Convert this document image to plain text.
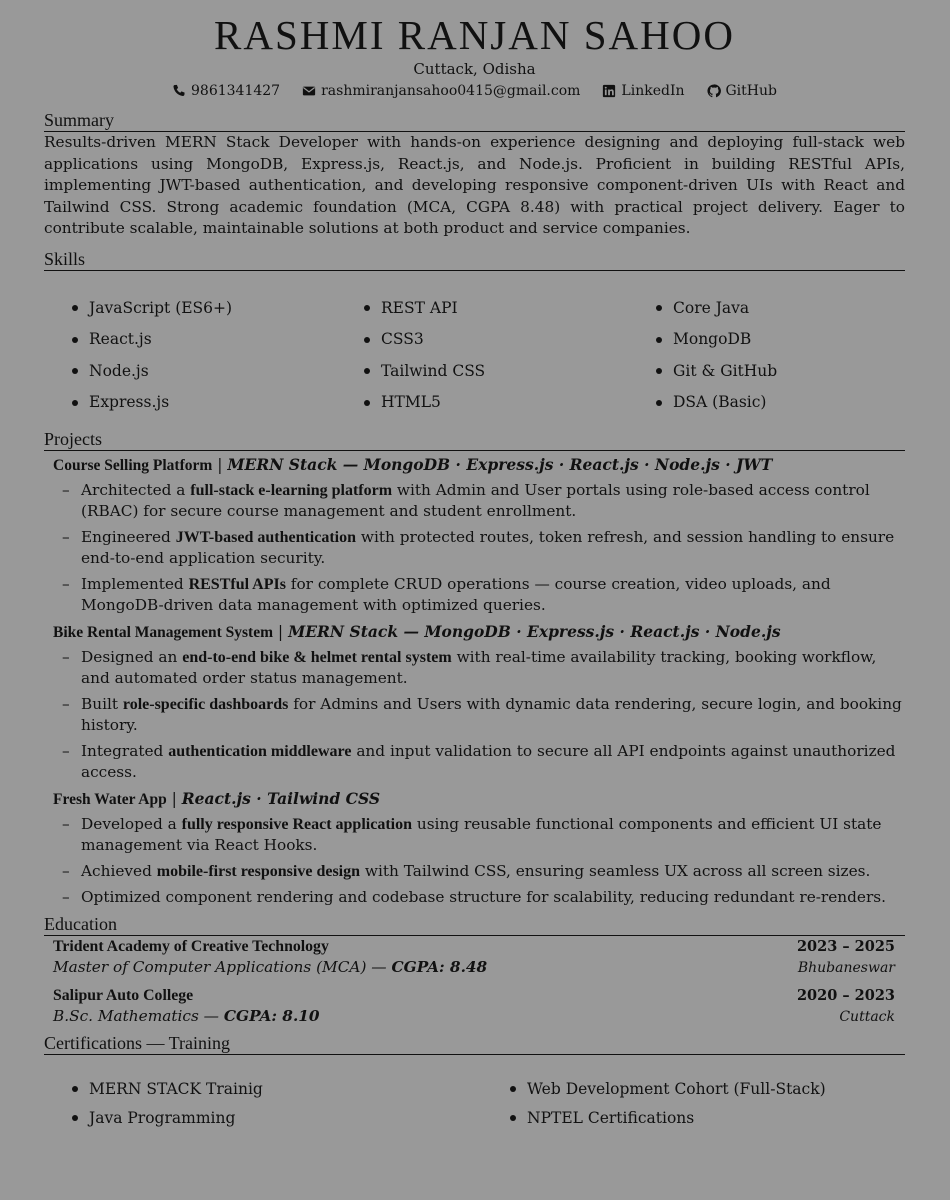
RASHMI RANJAN SAHOO
Cuttack, Odisha
9861341427	rashmiranjansahoo0415@gmail.com	LinkedIn	GitHub
Summary
Results-driven MERN Stack Developer with hands-on experience designing and deploying full-stack web applications using MongoDB, Express.js, React.js, and Node.js. Proficient in building RESTful APIs, implementing JWT-based authentication, and developing responsive component-driven UIs with React and Tailwind CSS. Strong academic foundation (MCA, CGPA 8.48) with practical project delivery. Eager to contribute scalable, maintainable solutions at both product and service companies.
Skills
JavaScript (ES6+)	REST API	Core Java
React.js	CSS3	MongoDB
Node.js	Tailwind CSS	Git & GitHub
Express.js	HTML5	DSA (Basic)
Projects
Course Selling Platform | MERN Stack — MongoDB · Express.js · React.js · Node.js · JWT
– Architected a full-stack e-learning platform with Admin and User portals using role-based access control (RBAC) for secure course management and student enrollment.
– Engineered JWT-based authentication with protected routes, token refresh, and session handling to ensure end-to-end application security.
– Implemented RESTful APIs for complete CRUD operations — course creation, video uploads, and MongoDB-driven data management with optimized queries.
Bike Rental Management System | MERN Stack — MongoDB · Express.js · React.js · Node.js
– Designed an end-to-end bike & helmet rental system with real-time availability tracking, booking workflow, and automated order status management.
– Built role-specific dashboards for Admins and Users with dynamic data rendering, secure login, and booking history.
– Integrated authentication middleware and input validation to secure all API endpoints against unauthorized access.
Fresh Water App | React.js · Tailwind CSS
– Developed a fully responsive React application using reusable functional components and efficient UI state management via React Hooks.
– Achieved mobile-first responsive design with Tailwind CSS, ensuring seamless UX across all screen sizes.
– Optimized component rendering and codebase structure for scalability, reducing redundant re-renders.
Education
Trident Academy of Creative Technology	2023 – 2025
Master of Computer Applications (MCA) — CGPA: 8.48	Bhubaneswar
Salipur Auto College	2020 – 2023
B.Sc. Mathematics — CGPA: 8.10	Cuttack
Certifications — Training
MERN STACK Trainig	Web Development Cohort (Full-Stack)
Java Programming	NPTEL Certifications
